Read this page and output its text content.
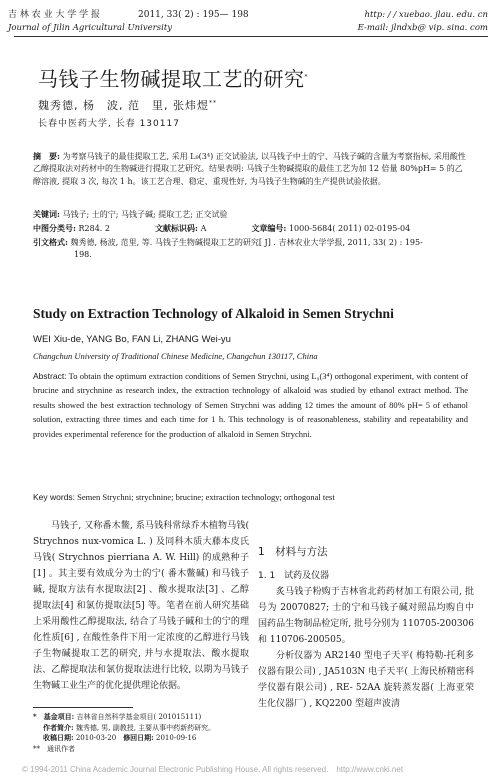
吉 林 农 业 大 学 学 报	2011, 33( 2) : 195— 198
Journal of Jilin Agricultural University
http: / / xuebao. jlau. edu. cn
E-mail: jlndxb@ vip. sina. com
马钱子生物碱提取工艺的研究*
魏秀德, 杨　波, 范　里, 张炜煜**
长春中医药大学, 长春 130117
摘　要: 为考察马钱子的最佳提取工艺, 采用 L₉(3⁴) 正交试验法, 以马钱子中士的宁、马钱子碱的含量为考察指标, 采用酸性乙醇提取法对药材中的生物碱进行提取工艺研究。结果表明: 马钱子生物碱提取的最佳工艺为加 12 倍量 80%pH= 5 的乙醇溶液, 提取 3 次, 每次 1 h。该工艺合理、稳定、重现性好, 为马钱子生物碱的生产提供试验依据。
关键词: 马钱子; 士的宁; 马钱子碱; 提取工艺; 正交试验
中图分类号: R284. 2	文献标识码: A	文章编号: 1000-5684( 2011) 02-0195-04
引文格式: 魏秀德, 杨波, 范里, 等. 马钱子生物碱提取工艺的研究[ J] . 吉林农业大学学报, 2011, 33( 2) : 195-
198.
Study on Extraction Technology of Alkaloid in Semen Strychni
WEI Xiu-de, YANG Bo, FAN Li, ZHANG Wei-yu
Changchun University of Traditional Chinese Medicine, Changchun 130117, China
Abstract: To obtain the optimum extraction conditions of Semen Strychni, using L₉(3⁴) orthogonal experiment, with content of brucine and strychnine as research index, the extraction technology of alkaloid was studied by ethanol extract method. The results showed the best extraction technology of Semen Strychni was adding 12 times the amount of 80% pH= 5 of ethanol solution, extracting three times and each time for 1 h. This technology is of reasonableness, stability and repeatability and provides experimental reference for the production of alkaloid in Semen Strychni.
Key words: Semen Strychni; strychnine; brucine; extraction technology; orthogonal test
马钱子, 又称番木鳖, 系马钱科常绿乔木植物马钱( Strychnos nux-vomica L. ) 及同科木质大藤本皮氏马钱( Strychnos pierriana A. W. Hill) 的成熟种子[1] 。其主要有效成分为士的宁( 番木鳖碱) 和马钱子碱, 提取方法有水提取法[2] 、酸水提取法[3] 、乙醇提取法[4] 和氯仿提取法[5] 等。笔者在前人研究基础上采用酸性乙醇提取法, 结合了马钱子碱和士的宁的理化性质[6] , 在酸性条件下用一定浓度的乙醇进行马钱子生物碱提取工艺的研究, 并与水提取法、酸水提取法、乙醇提取法和氯仿提取法进行比较, 以期为马钱子生物碱工业生产的优化提供理论依据。
1　材料与方法
1. 1　试药及仪器
炙马钱子粉购于吉林省北药药材加工有限公司, 批号为 20070827; 士的宁和马钱子碱对照品均购自中国药品生物制品检定所, 批号分别为 110705-200306 和 110706-200505。
分析仪器为 AR2140 型电子天平( 梅特勒-托利多仪器有限公司) , JA5103N 电子天平( 上海民桥精密科学仪器有限公司) , RE- 52AA 旋转蒸发器( 上海亚荣生化仪器厂) , KQ2200 型超声波清
*　基金项目: 吉林省自然科学基金项目( 201015111)
作者简介: 魏秀德, 男, 副教授, 主要从事中药新药研究。
收稿日期: 2010-03-20　 修回日期: 2010-09-16
**　通讯作者
© 1994-2011 China Academic Journal Electronic Publishing House. All rights reserved.　http://www.cnki.net
